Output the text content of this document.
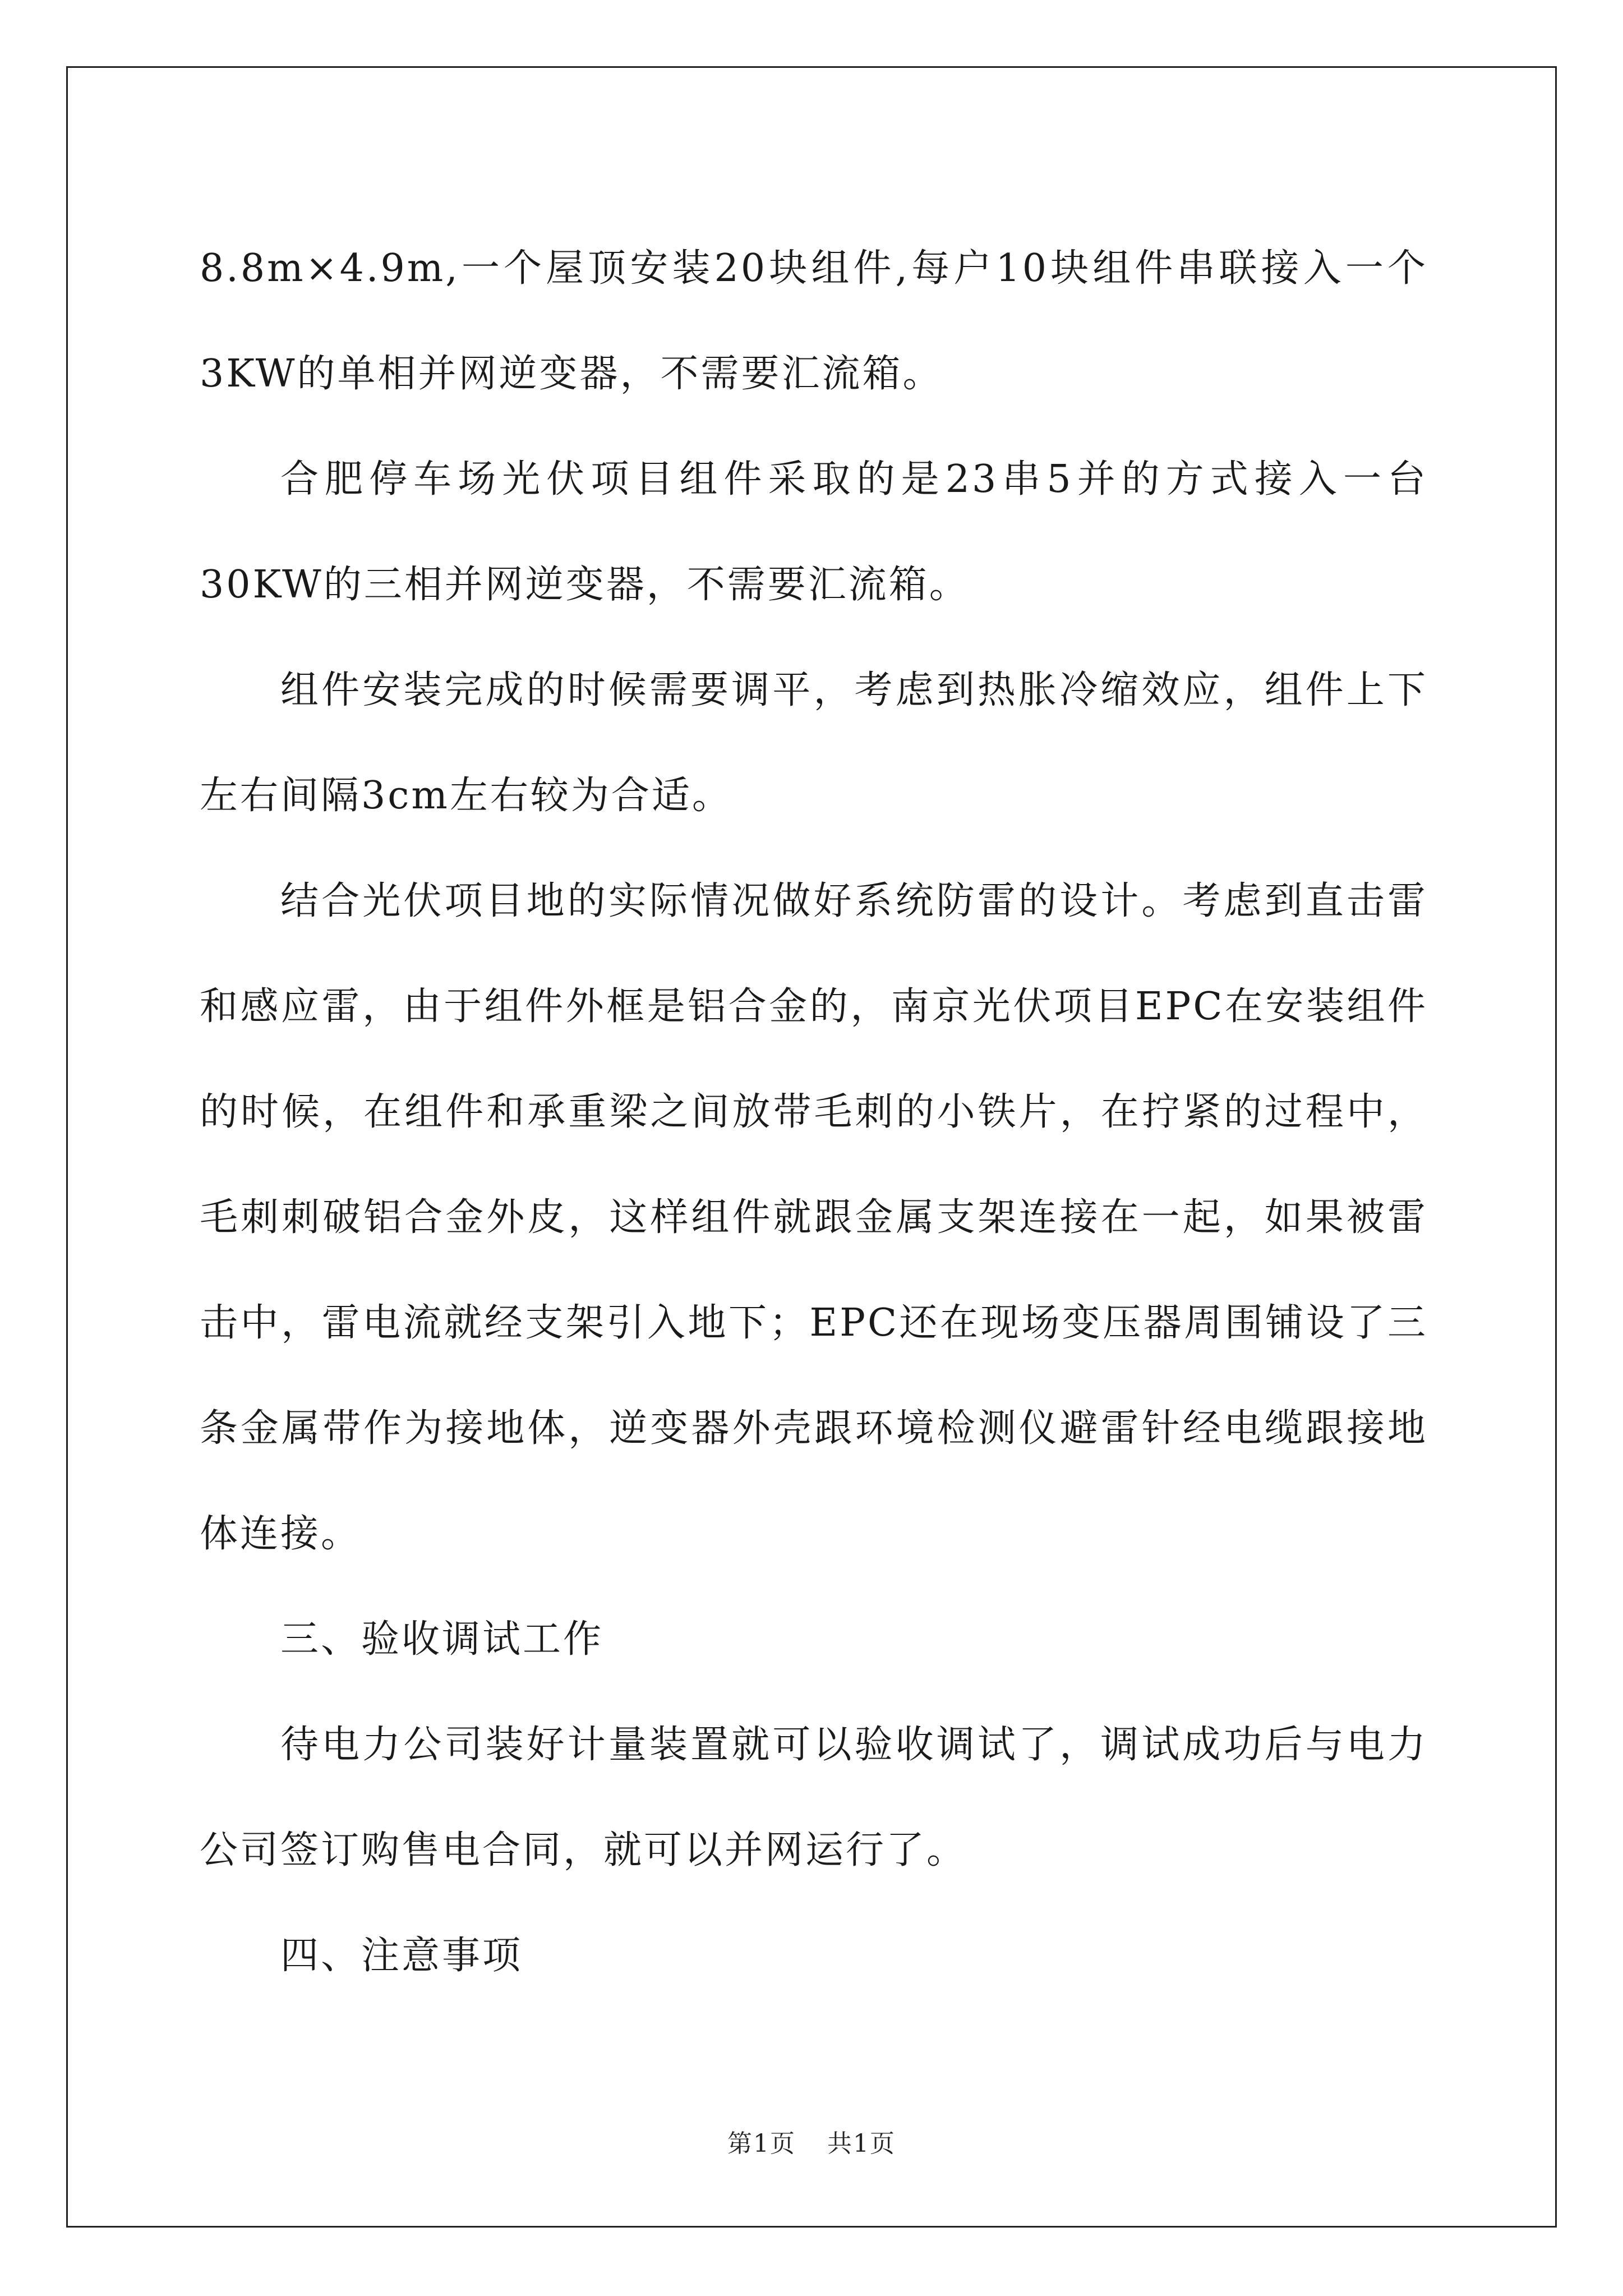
8.8m×4.9m,一个屋顶安装20块组件,每户10块组件串联接入一个3KW的单相并网逆变器，不需要汇流箱。

合肥停车场光伏项目组件采取的是23串5并的方式接入一台30KW的三相并网逆变器，不需要汇流箱。

组件安装完成的时候需要调平，考虑到热胀冷缩效应，组件上下左右间隔3cm左右较为合适。

结合光伏项目地的实际情况做好系统防雷的设计。考虑到直击雷和感应雷，由于组件外框是铝合金的，南京光伏项目EPC在安装组件的时候，在组件和承重梁之间放带毛刺的小铁片，在拧紧的过程中，毛刺刺破铝合金外皮，这样组件就跟金属支架连接在一起，如果被雷击中，雷电流就经支架引入地下；EPC还在现场变压器周围铺设了三条金属带作为接地体，逆变器外壳跟环境检测仪避雷针经电缆跟接地体连接。

三、验收调试工作

待电力公司装好计量装置就可以验收调试了，调试成功后与电力公司签订购售电合同，就可以并网运行了。

四、注意事项

第1页 共1页
